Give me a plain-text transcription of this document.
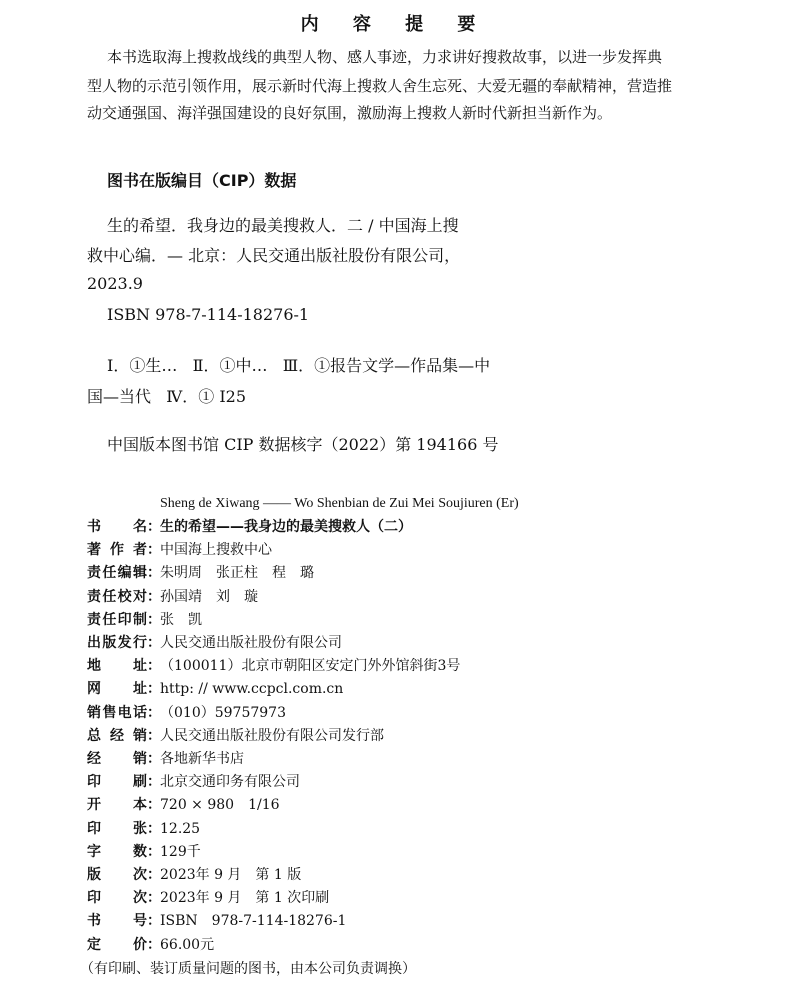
内 容 提 要
本书选取海上搜救战线的典型人物、感人事迹，力求讲好搜救故事，以进一步发挥典
型人物的示范引领作用，展示新时代海上搜救人舍生忘死、大爱无疆的奉献精神，营造推
动交通强国、海洋强国建设的良好氛围，激励海上搜救人新时代新担当新作为。
图书在版编目（CIP）数据
生的希望．我身边的最美搜救人．二 / 中国海上搜
救中心编．— 北京：人民交通出版社股份有限公司，
2023.9
ISBN 978-7-114-18276-1
Ⅰ．①生…   Ⅱ．①中…   Ⅲ．①报告文学—作品集—中
国—当代   Ⅳ．① I25
中国版本图书馆 CIP 数据核字（2022）第 194166 号
Sheng de Xiwang —— Wo Shenbian de Zui Mei Soujiuren (Er)
书名：生的希望——我身边的最美搜救人（二）
著作者：中国海上搜救中心
责任编辑：朱明周　张正柱　程　璐
责任校对：孙国靖　刘　璇
责任印制：张　凯
出版发行：人民交通出版社股份有限公司
地址：（100011）北京市朝阳区安定门外外馆斜街3号
网址：http: // www.ccpcl.com.cn
销售电话：（010）59757973
总经销：人民交通出版社股份有限公司发行部
经销：各地新华书店
印刷：北京交通印务有限公司
开本：720 × 980　1/16
印张：12.25
字数：129千
版次：2023年 9 月　第 1 版
印次：2023年 9 月　第 1 次印刷
书号：ISBN　978-7-114-18276-1
定价：66.00元
（有印刷、装订质量问题的图书，由本公司负责调换）
